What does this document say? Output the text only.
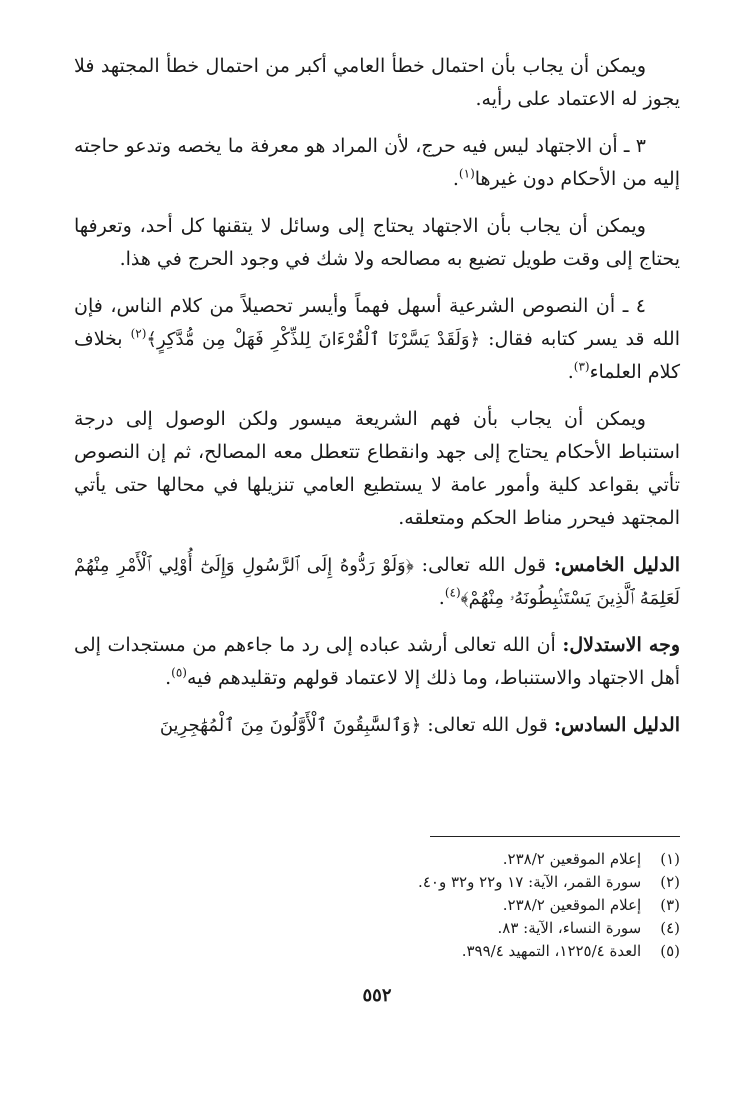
ويمكن أن يجاب بأن احتمال خطأ العامي أكبر من احتمال خطأ المجتهد فلا يجوز له الاعتماد على رأيه.

٣ ـ أن الاجتهاد ليس فيه حرج، لأن المراد هو معرفة ما يخصه وتدعو حاجته إليه من الأحكام دون غيرها$^{(١)}$.

ويمكن أن يجاب بأن الاجتهاد يحتاج إلى وسائل لا يتقنها كل أحد، وتعرفها يحتاج إلى وقت طويل تضيع به مصالحه ولا شك في وجود الحرج في هذا.

٤ ـ أن النصوص الشرعية أسهل فهماً وأيسر تحصيلاً من كلام الناس، فإن الله قد يسر كتابه فقال: ﴿وَلَقَدْ يَسَّرْنَا ٱلْقُرْءَانَ لِلذِّكْرِ فَهَلْ مِن مُّدَّكِرٍ﴾$^{(٢)}$ بخلاف كلام العلماء$^{(٣)}$.

ويمكن أن يجاب بأن فهم الشريعة ميسور ولكن الوصول إلى درجة استنباط الأحكام يحتاج إلى جهد وانقطاع تتعطل معه المصالح، ثم إن النصوص تأتي بقواعد كلية وأمور عامة لا يستطيع العامي تنزيلها في محالها حتى يأتي المجتهد فيحرر مناط الحكم ومتعلقه.

الدليل الخامس: قول الله تعالى: ﴿وَلَوْ رَدُّوهُ إِلَى ٱلرَّسُولِ وَإِلَىٰٓ أُوْلِي ٱلْأَمْرِ مِنْهُمْ لَعَلِمَهُ ٱلَّذِينَ يَسْتَنۢبِطُونَهُۥ مِنْهُمْ﴾$^{(٤)}$.

وجه الاستدلال: أن الله تعالى أرشد عباده إلى رد ما جاءهم من مستجدات إلى أهل الاجتهاد والاستنباط، وما ذلك إلا لاعتماد قولهم وتقليدهم فيه$^{(٥)}$.

الدليل السادس: قول الله تعالى: ﴿وَٱلسَّٰبِقُونَ ٱلْأَوَّلُونَ مِنَ ٱلْمُهَٰجِرِينَ

(١) إعلام الموقعين ٢٣٨/٢.
(٢) سورة القمر، الآية: ١٧ و٢٢ و٣٢ و٤٠.
(٣) إعلام الموقعين ٢٣٨/٢.
(٤) سورة النساء، الآية: ٨٣.
(٥) العدة ١٢٢٥/٤، التمهيد ٣٩٩/٤.
٥٥٢
